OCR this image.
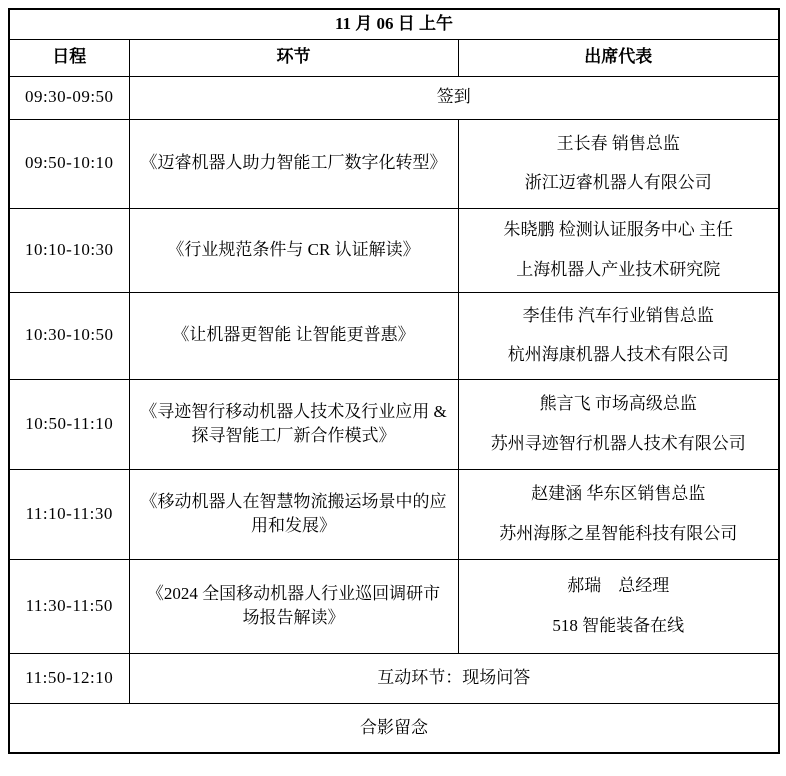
11 月 06 日 上午		
日程	环节	出席代表
09:30-09:50	签到	
09:50-10:10	《迈睿机器人助力智能工厂数字化转型》	王长春 销售总监
浙江迈睿机器人有限公司

10:10-10:30	《行业规范条件与 CR 认证解读》	朱晓鹏 检测认证服务中心 主任
上海机器人产业技术研究院

10:30-10:50	《让机器更智能 让智能更普惠》	李佳伟 汽车行业销售总监
杭州海康机器人技术有限公司

10:50-11:10	《寻迹智行移动机器人技术及行业应用 & 探寻智能工厂新合作模式》	熊言飞 市场高级总监
苏州寻迹智行机器人技术有限公司

11:10-11:30	《移动机器人在智慧物流搬运场景中的应用和发展》	赵建涵 华东区销售总监
苏州海豚之星智能科技有限公司

11:30-11:50	《2024 全国移动机器人行业巡回调研市场报告解读》	郝瑞　总经理
518 智能装备在线

11:50-12:10	互动环节：现场问答	
合影留念		
